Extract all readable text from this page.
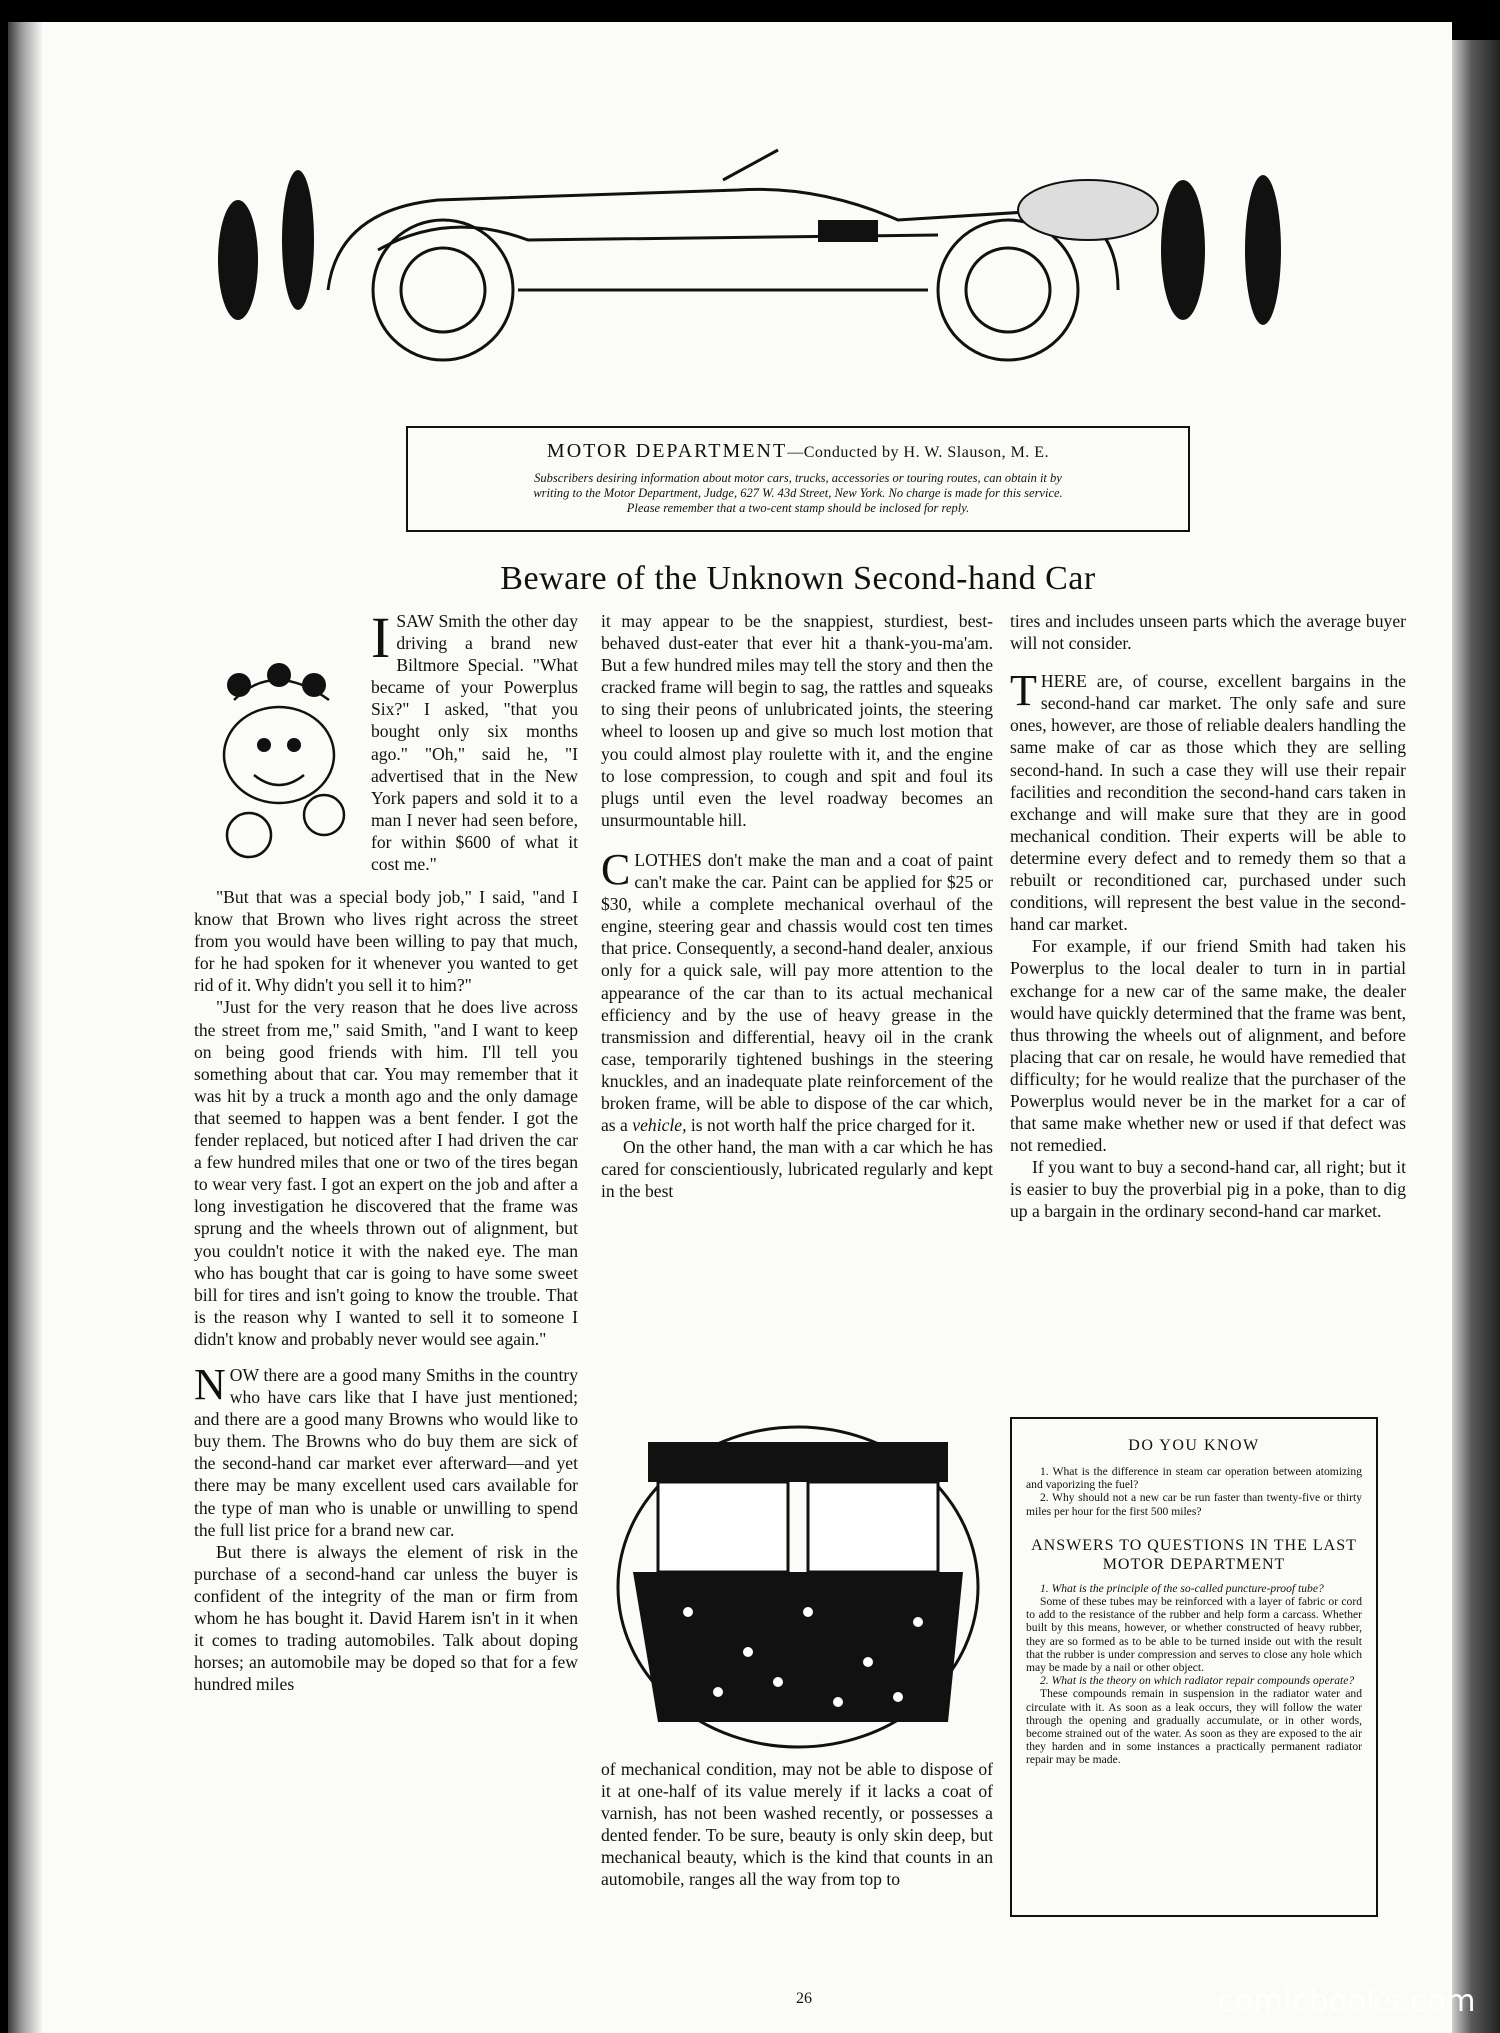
MOTOR DEPARTMENT—Conducted by H. W. Slauson, M. E.
Subscribers desiring information about motor cars, trucks, accessories or touring routes, can obtain it by
writing to the Motor Department, Judge, 627 W. 43d Street, New York. No charge is made for this service.
Please remember that a two-cent stamp should be inclosed for reply.
Beware of the Unknown Second-hand Car

ISAW Smith the other day driving a brand new Biltmore Special. "What became of your Powerplus Six?" I asked, "that you bought only six months ago." "Oh," said he, "I advertised that in the New York papers and sold it to a man I never had seen before, for within $600 of what it cost me."

"But that was a special body job," I said, "and I know that Brown who lives right across the street from you would have been willing to pay that much, for he had spoken for it whenever you wanted to get rid of it. Why didn't you sell it to him?"

"Just for the very reason that he does live across the street from me," said Smith, "and I want to keep on being good friends with him. I'll tell you something about that car. You may remember that it was hit by a truck a month ago and the only damage that seemed to happen was a bent fender. I got the fender replaced, but noticed after I had driven the car a few hundred miles that one or two of the tires began to wear very fast. I got an expert on the job and after a long investigation he discovered that the frame was sprung and the wheels thrown out of alignment, but you couldn't notice it with the naked eye. The man who has bought that car is going to have some sweet bill for tires and isn't going to know the trouble. That is the reason why I wanted to sell it to someone I didn't know and probably never would see again."

NOW there are a good many Smiths in the country who have cars like that I have just mentioned; and there are a good many Browns who would like to buy them. The Browns who do buy them are sick of the second-hand car market ever afterward—and yet there may be many excellent used cars available for the type of man who is unable or unwilling to spend the full list price for a brand new car.

But there is always the element of risk in the purchase of a second-hand car unless the buyer is confident of the integrity of the man or firm from whom he has bought it. David Harem isn't in it when it comes to trading automobiles. Talk about doping horses; an automobile may be doped so that for a few hundred miles

it may appear to be the snappiest, sturdiest, best-behaved dust-eater that ever hit a thank-you-ma'am. But a few hundred miles may tell the story and then the cracked frame will begin to sag, the rattles and squeaks to sing their peons of unlubricated joints, the steering wheel to loosen up and give so much lost motion that you could almost play roulette with it, and the engine to lose compression, to cough and spit and foul its plugs until even the level roadway becomes an unsurmountable hill.

CLOTHES don't make the man and a coat of paint can't make the car. Paint can be applied for $25 or $30, while a complete mechanical overhaul of the engine, steering gear and chassis would cost ten times that price. Consequently, a second-hand dealer, anxious only for a quick sale, will pay more attention to the appearance of the car than to its actual mechanical efficiency and by the use of heavy grease in the transmission and differential, heavy oil in the crank case, temporarily tightened bushings in the steering knuckles, and an inadequate plate reinforcement of the broken frame, will be able to dispose of the car which, as a vehicle, is not worth half the price charged for it.

On the other hand, the man with a car which he has cared for conscientiously, lubricated regularly and kept in the best

of mechanical condition, may not be able to dispose of it at one-half of its value merely if it lacks a coat of varnish, has not been washed recently, or possesses a dented fender. To be sure, beauty is only skin deep, but mechanical beauty, which is the kind that counts in an automobile, ranges all the way from top to

tires and includes unseen parts which the average buyer will not consider.

THERE are, of course, excellent bargains in the second-hand car market. The only safe and sure ones, however, are those of reliable dealers handling the same make of car as those which they are selling second-hand. In such a case they will use their repair facilities and recondition the second-hand cars taken in exchange and will make sure that they are in good mechanical condition. Their experts will be able to determine every defect and to remedy them so that a rebuilt or reconditioned car, purchased under such conditions, will represent the best value in the second-hand car market.

For example, if our friend Smith had taken his Powerplus to the local dealer to turn in in partial exchange for a new car of the same make, the dealer would have quickly determined that the frame was bent, thus throwing the wheels out of alignment, and before placing that car on resale, he would have remedied that difficulty; for he would realize that the purchaser of the Powerplus would never be in the market for a car of that same make whether new or used if that defect was not remedied.

If you want to buy a second-hand car, all right; but it is easier to buy the proverbial pig in a poke, than to dig up a bargain in the ordinary second-hand car market.

DO YOU KNOW

1. What is the difference in steam car operation between atomizing and vaporizing the fuel?

2. Why should not a new car be run faster than twenty-five or thirty miles per hour for the first 500 miles?

ANSWERS TO QUESTIONS IN THE LAST MOTOR DEPARTMENT

1. What is the principle of the so-called puncture-proof tube?

Some of these tubes may be reinforced with a layer of fabric or cord to add to the resistance of the rubber and help form a carcass. Whether built by this means, however, or whether constructed of heavy rubber, they are so formed as to be able to be turned inside out with the result that the rubber is under compression and serves to close any hole which may be made by a nail or other object.

2. What is the theory on which radiator repair compounds operate?

These compounds remain in suspension in the radiator water and circulate with it. As soon as a leak occurs, they will follow the water through the opening and gradually accumulate, or in other words, become strained out of the water. As soon as they are exposed to the air they harden and in some instances a practically permanent radiator repair may be made.

26	comicbooks.com
